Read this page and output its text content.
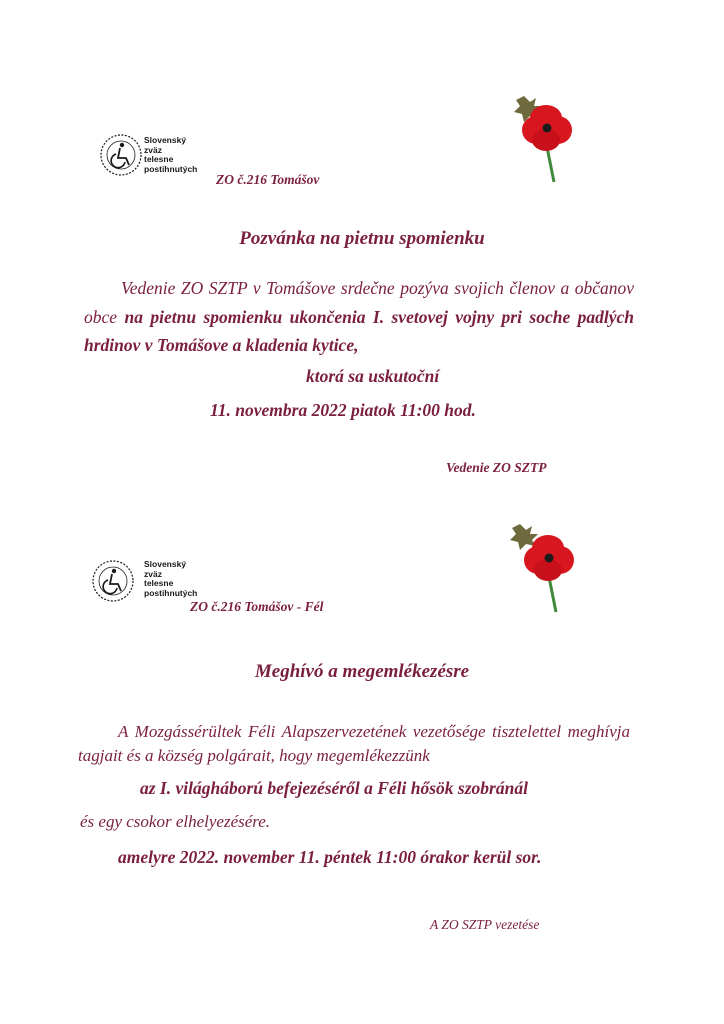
Slovenský
zväz
telesne
postihnutých
ZO č.216 Tomášov
Pozvánka na pietnu spomienku
Vedenie ZO SZTP v Tomášove srdečne pozýva svojich členov a občanov obce na pietnu spomienku ukončenia I. svetovej vojny pri soche padlých hrdinov v Tomášove a kladenia kytice,
ktorá sa uskutoční
11. novembra 2022 piatok 11:00 hod.
Vedenie ZO SZTP
Slovenský
zväz
telesne
postihnutých
ZO č.216 Tomášov - Fél
Meghívó a megemlékezésre
A Mozgássérültek Féli Alapszervezetének vezetősége tisztelettel meghívja tagjait és a község polgárait, hogy megemlékezzünk
az I. világháború befejezéséről a Féli hősök szobránál
és egy csokor elhelyezésére.
amelyre 2022. november 11. péntek 11:00 órakor kerül sor.
A ZO SZTP vezetése
